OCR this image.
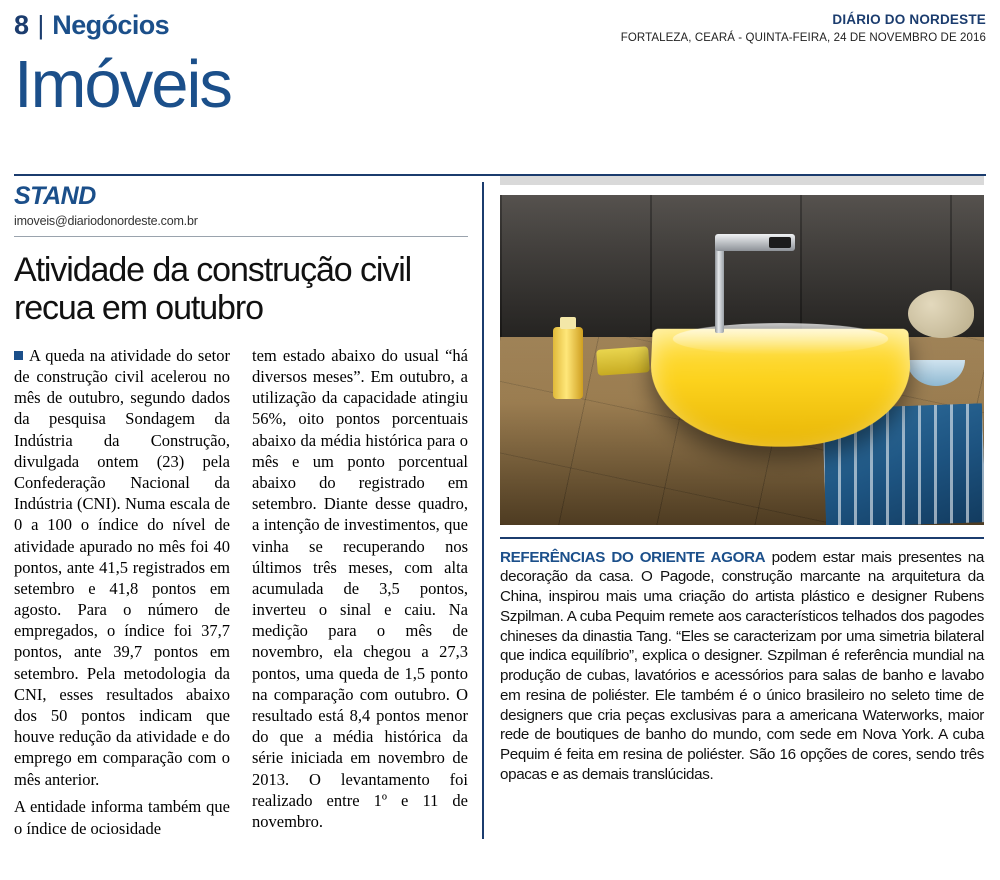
8 | Negócios	DIÁRIO DO NORDESTE
FORTALEZA, CEARÁ - QUINTA-FEIRA, 24 DE NOVEMBRO DE 2016
Imóveis
STAND
imoveis@diariodonordeste.com.br
Atividade da construção civil recua em outubro

A queda na atividade do setor de construção civil acelerou no mês de outubro, segundo dados da pesquisa Sondagem da Indústria da Construção, divulgada ontem (23) pela Confederação Nacional da Indústria (CNI). Numa escala de 0 a 100 o índice do nível de atividade apurado no mês foi 40 pontos, ante 41,5 registrados em setembro e 41,8 pontos em agosto. Para o número de empregados, o índice foi 37,7 pontos, ante 39,7 pontos em setembro. Pela metodologia da CNI, esses resultados abaixo dos 50 pontos indicam que houve redução da atividade e do emprego em comparação com o mês anterior.

A entidade informa também que o índice de ociosidade

tem estado abaixo do usual “há diversos meses”. Em outubro, a utilização da capacidade atingiu 56%, oito pontos porcentuais abaixo da média histórica para o mês e um ponto porcentual abaixo do registrado em setembro. Diante desse quadro, a intenção de investimentos, que vinha se recuperando nos últimos três meses, com alta acumulada de 3,5 pontos, inverteu o sinal e caiu. Na medição para o mês de novembro, ela chegou a 27,3 pontos, uma queda de 1,5 ponto na comparação com outubro. O resultado está 8,4 pontos menor do que a média histórica da série iniciada em novembro de 2013. O levantamento foi realizado entre 1º e 11 de novembro.

REFERÊNCIAS DO ORIENTE AGORA podem estar mais presentes na decoração da casa. O Pagode, construção marcante na arquitetura da China, inspirou mais uma criação do artista plástico e designer Rubens Szpilman. A cuba Pequim remete aos característicos telhados dos pagodes chineses da dinastia Tang. “Eles se caracterizam por uma simetria bilateral que indica equilíbrio”, explica o designer. Szpilman é referência mundial na produção de cubas, lavatórios e acessórios para salas de banho e lavabo em resina de poliéster. Ele também é o único brasileiro no seleto time de designers que cria peças exclusivas para a americana Waterworks, maior rede de boutiques de banho do mundo, com sede em Nova York. A cuba Pequim é feita em resina de poliéster. São 16 opções de cores, sendo três opacas e as demais translúcidas.
